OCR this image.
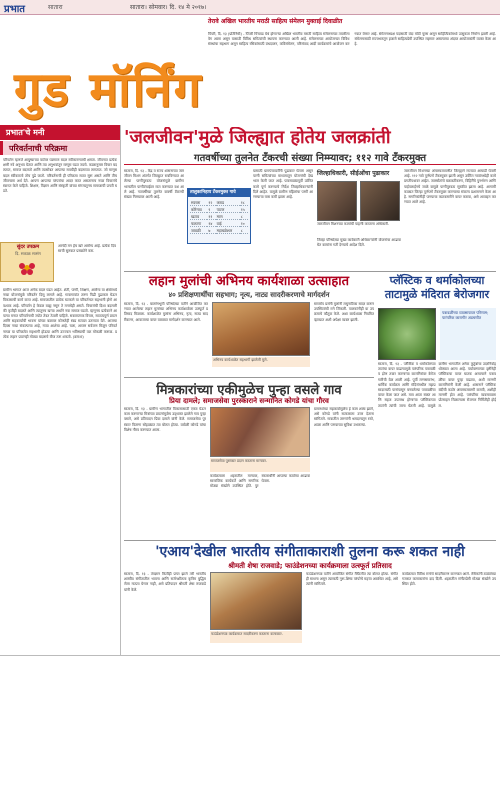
प्रभात	सातारा	सातारा। सोमवार। दि. १४ मे २०१७।
गुड मॉर्निंग
तेरावे अखिल भारतीय मराठी साहित्य संमेलन मुक्ताई दिवाळीत
पिंपरी, दि. १३ (प्रतिनिधी) - पिंपरी चिंचवड येथे होणाऱ्या अखिल भारतीय मराठी साहित्य संमेलनाच्या तयारीला वेग आला असून यासाठी विविध समित्यांची स्थापना करण्यात आली आहे. संमेलनाच्या आयोजनात विविध संस्थांचा सहभाग असून साहित्य रसिकांसाठी ग्रंथदालन, कविसंमेलन, परिसंवाद आदी कार्यक्रमांचे आयोजन करण्यात येणार आहे. संमेलनाध्यक्ष पदासाठी यंदा मोठी चुरस असून साहित्यिकांमध्ये उत्सुकता निर्माण झाली आहे. संमेलनासाठी राज्यभरातून हजारो साहित्यप्रेमी उपस्थित राहणार असल्याचा अंदाज आयोजकांनी व्यक्त केला आहे.
प्रभात'चे मनी
परिवर्तनाची परिक्रमा
परिवर्तन म्हणजे आयुष्याच्या वाटेवर घडणारा बदल स्वीकारण्याची क्षमता. जीवनात प्रत्येक क्षणी नवे अनुभव येतात आणि त्या अनुभवांतून माणूस घडत जातो. काळानुसार विचार बदलतात, समाज बदलतो आणि त्यासोबत आपल्या सवयीही बदलाव्या लागतात. जो माणूस बदल स्वीकारतो तोच पुढे जातो. परिवर्तनाची ही परिक्रमा सतत सुरू असते आणि तीच जीवनाला अर्थ देते. आपण आपल्या परंपरांचा आदर करत असतानाच नव्या विचारांचे स्वागत केले पाहिजे. शिक्षण, विज्ञान आणि संस्कृती यांच्या संगमातूनच समाजाची प्रगती घडते.
सुंदर उपक्रम
दि. सकाळ सत्संग
आनंदी मन हेच खरे आरोग्य आहे. प्रत्येक दिवसाची सुरुवात प्रसन्नतेने करा.
ग्रामीण भागात आज अनेक बदल घडत आहेत. शेती, पाणी, शिक्षण, आरोग्य या क्षेत्रांमध्ये नव्या योजनांमुळे परिवर्तन दिसू लागले आहे. गावागावांत तरुण पिढी पुढाकार घेऊन विकासाची कामे करत आहे. समाजातील प्रत्येक घटकाने या परिवर्तनात सहभागी होणे आवश्यक आहे. परिवर्तन हे केवळ बाह्य नसून ते मनाचेही असते. विचारांची दिशा बदलली की कृतीही बदलते आणि त्यातूनच खऱ्या अर्थाने नवा समाज घडतो. म्हणूनच प्रत्येकाने आपल्या मनात परिवर्तनाची ज्योत तेवत ठेवली पाहिजे. सकारात्मक विचार, सातत्यपूर्ण प्रयत्न आणि सहकार्याची भावना यांच्या बळावर कोणतेही स्वप्न सत्यात उतरवता येते. आजचा दिवस नव्या संकल्पाचा आहे, नव्या आशेचा आहे. चला, आपण सर्वजण मिळून परिवर्तनाच्या या परिक्रमेत सहभागी होऊया आणि उज्ज्वल भविष्याची वाट मोकळी करूया. प्रत्येक लहान प्रयत्नही मोठ्या बदलाचे बीज ठरू शकतो. (क्रमशः)
'जलजीवन'मुळे जिल्ह्यात होतेय जलक्रांती
गतवर्षीच्या तुलनेत टँकरची संख्या निम्म्यावर; ११२ गावे टँकरमुक्त
सातारा, दि. १३ - केंद्र व राज्य शासनाच्या जलजीवन मिशन अंतर्गत जिल्ह्यात राबविण्यात आलेल्या पाणीपुरवठा योजनांमुळे ग्रामीण भागातील पाणीटंचाईवर मात करण्यात यश आले आहे. गतवर्षीच्या तुलनेत यावर्षी टँकरची संख्या निम्म्यावर आली आहे.
तालुकानिहाय टँकरमुक्त गावे
सातारा	१२	कराड	१८
कोरेगाव	९	पाटण	१५
खटाव	११	माण	८
फलटण	१४	वाई	१०
जावळी	७	महाबळेश्वर	८
यासाठी ग्रामपंचायतींनी पुढाकार घेतला असून पाणी समित्यांच्या माध्यमातून योजनांची देखभाल केली जात आहे. पावसाळ्यापूर्वी उर्वरित कामे पूर्ण करण्याचे निर्देश जिल्हाधिकाऱ्यांनी दिले आहेत. यामुळे ग्रामीण महिलांचा पाणी आणण्याचा त्रास कमी झाला आहे.
जिल्हाधिकारी, सीईओंचा पुढाकार
जलजीवन मिशनच्या कामांची पाहणी करताना अधिकारी.
जिल्हा परिषदेच्या मुख्य कार्यकारी अधिकाऱ्यांनी योजनांचा आढावा घेत कामांना गती देण्याचे आदेश दिले.
जलजीवन मिशनच्या अंमलबजावणीत जिल्ह्याने राज्यात आघाडी घेतली आहे. ११२ गावे पूर्णपणे टँकरमुक्त झाली असून उर्वरित गावांमध्येही कामे प्रगतीपथावर आहेत. जलस्रोतांचे बळकटीकरण, विहिरींचे पुनर्भरण आणि पाईपलाईनचे जाळे यामुळे पाणीपुरवठा सुरळीत झाला आहे. आगामी काळात जिल्हा पूर्णपणे टँकरमुक्त करण्याचा संकल्प प्रशासनाने केला आहे. नागरिकांनीही पाण्याचा काटकसरीने वापर करावा, असे आवाहन करण्यात आले आहे.
लहान मुलांची अभिनय कार्यशाळा उत्साहात
४० प्रशिक्षणार्थींचा सहभाग; नृत्य, नाट्य सादरीकरणाचे मार्गदर्शन
सातारा, दि. १३ - बालरंगभूमी परिषदेच्या वतीने आयोजित करण्यात आलेल्या लहान मुलांच्या अभिनय कार्यशाळेला उत्स्फूर्त प्रतिसाद मिळाला. कार्यशाळेत मुलांना अभिनय, नृत्य, नाट्य सादरीकरण, आवाजाचा वापर याबाबत मार्गदर्शन करण्यात आले.
अभिनय कार्यशाळेत सहभागी झालेली मुले.
समारोप प्रसंगी मुलांनी लघुनाटिका सादर करून उपस्थितांची मने जिंकली. पालकांनीही या उपक्रमाचे कौतुक केले. अशा कार्यशाळा नियमित व्हाव्यात अशी अपेक्षा व्यक्त झाली.
प्लॅस्टिक व थर्माकोलच्या ताटामुळे मंदिरात बेरोजगार
पत्रावळींच्या व्यवसायावर परिणाम; पारंपरिक कारागीर अडचणीत
सातारा, दि. १३ - प्लॅस्टिक व थर्माकोलच्या ताटांचा वापर वाढल्यामुळे पारंपरिक पत्रावळी व द्रोण तयार करणाऱ्या कारागिरांवर बेरोजगारीची वेळ आली आहे. पूर्वी लग्नसमारंभ, धार्मिक कार्यक्रम आणि मंदिरांमधील महाप्रसादासाठी पानांपासून बनवलेल्या पत्रावळींचा वापर केला जात असे. मात्र आता स्वस्त आणि सहज उपलब्ध होणाऱ्या प्लॅस्टिकच्या ताटांनी त्यांची जागा घेतली आहे. यामुळे ग्रामीण भागातील अनेक कुटुंबांचा उदरनिर्वाह धोक्यात आला आहे. पर्यावरणाच्या दृष्टीनेही प्लॅस्टिकचा वापर घातक असल्याने पत्रावळींचा वापर पुन्हा वाढावा, अशी मागणी कारागिरांनी केली आहे. शासनाने प्लॅस्टिकबंदीची कठोर अंमलबजावणी करावी, अशीही मागणी होत आहे. पारंपरिक व्यवसायाला प्रोत्साहन मिळाल्यास रोजगार निर्मितीही होईल.
मित्रकारांच्या एकीमुळेच पुन्हा वसले गाव
प्रिया दामले; समाजसेवा पुरस्काराने सन्मानित कोगडे यांचा गौरव
सातारा, दि. १३ - ग्रामीण भागातील विकासासाठी एकत्र येऊन काम करणाऱ्या मित्रांच्या प्रयत्नांमुळेच उद्ध्वस्त झालेले गाव पुन्हा वसले, असे प्रतिपादन प्रिया दामले यांनी केले. समाजसेवा पुरस्कार वितरण सोहळ्यात त्या बोलत होत्या. यावेळी कोगडे यांचा विशेष गौरव करण्यात आला.
समाजसेवा पुरस्कार प्रदान करताना मान्यवर.
कार्यक्रमाला शहरातील मान्यवर, सामाजिक कार्यकर्ते आणि नागरिक मोठ्या संख्येने उपस्थित होते. पुरस्कारार्थींनी आपल्या कार्याचा आढावा घेतला.
ग्रामस्थांच्या सहकार्यामुळेच हे काम शक्य झाले, असे कोगडे यांनी सत्काराला उत्तर देताना सांगितले. गावातील तरुणांनी श्रमदानातून रस्ते, शाळा आणि पाण्याच्या सुविधा उभारल्या.
'एआय'देखील भारतीय संगीताकाराशी तुलना करू शकत नाही
श्रीमती शेषा राजवाडे; फाउंडेशनच्या कार्यक्रमाला उत्स्फूर्त प्रतिसाद
सातारा, दि. १३ - तंत्रज्ञान कितीही प्रगत झाले तरी भारतीय शास्त्रीय संगीतातील भावना आणि सर्जनशीलता कृत्रिम बुद्धिमत्तेला गाठता येणार नाही, असे प्रतिपादन श्रीमती शेषा राजवाडे यांनी केले.
फाउंडेशनच्या कार्यक्रमात सादरीकरण करताना कलाकार.
फाउंडेशनच्या वतीने आयोजित संगीत मैफिलीत त्या बोलत होत्या. संगीत ही साधना असून त्यासाठी गुरू-शिष्य परंपरेचे महत्त्व अबाधित आहे, असे त्यांनी सांगितले.
कार्यक्रमात विविध रागांचे सादरीकरण करण्यात आले. रसिकांनी टाळ्यांच्या गजरात कलाकारांना दाद दिली. शहरातील संगीतप्रेमी मोठ्या संख्येने उपस्थित होते.
